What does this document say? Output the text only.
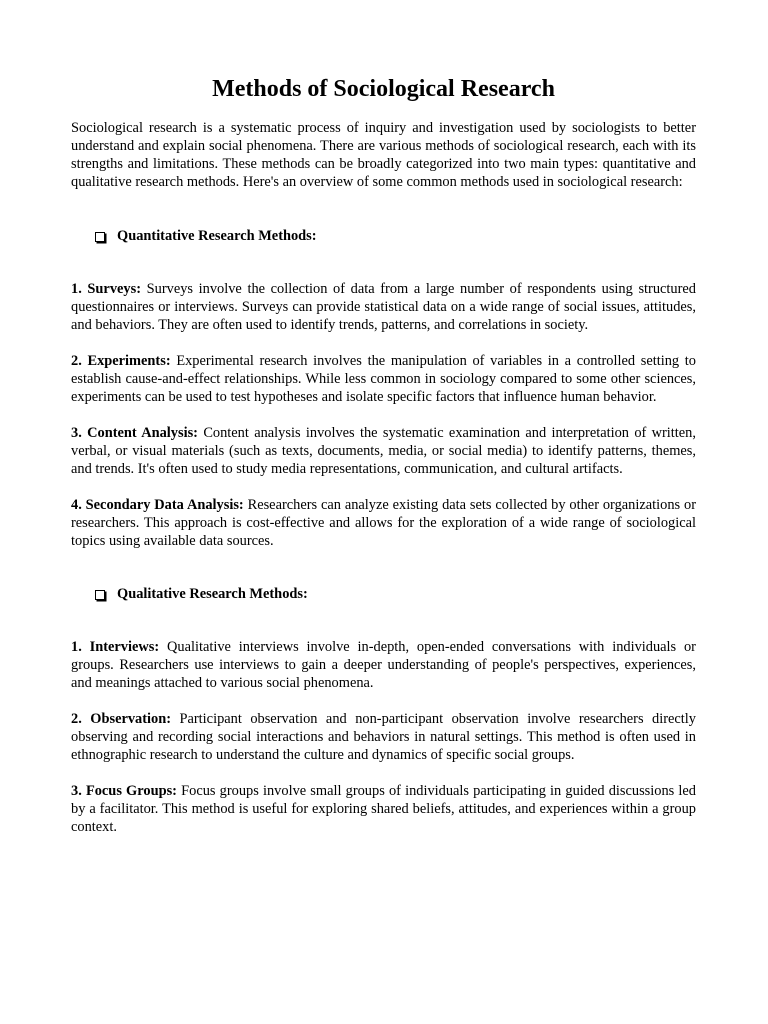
Methods of Sociological Research

Sociological research is a systematic process of inquiry and investigation used by sociologists to better understand and explain social phenomena. There are various methods of sociological research, each with its strengths and limitations. These methods can be broadly categorized into two main types: quantitative and qualitative research methods. Here's an overview of some common methods used in sociological research:

Quantitative Research Methods:

1. Surveys: Surveys involve the collection of data from a large number of respondents using structured questionnaires or interviews. Surveys can provide statistical data on a wide range of social issues, attitudes, and behaviors. They are often used to identify trends, patterns, and correlations in society.

2. Experiments: Experimental research involves the manipulation of variables in a controlled setting to establish cause-and-effect relationships. While less common in sociology compared to some other sciences, experiments can be used to test hypotheses and isolate specific factors that influence human behavior.

3. Content Analysis: Content analysis involves the systematic examination and interpretation of written, verbal, or visual materials (such as texts, documents, media, or social media) to identify patterns, themes, and trends. It's often used to study media representations, communication, and cultural artifacts.

4. Secondary Data Analysis: Researchers can analyze existing data sets collected by other organizations or researchers. This approach is cost-effective and allows for the exploration of a wide range of sociological topics using available data sources.

Qualitative Research Methods:

1. Interviews: Qualitative interviews involve in-depth, open-ended conversations with individuals or groups. Researchers use interviews to gain a deeper understanding of people's perspectives, experiences, and meanings attached to various social phenomena.

2. Observation: Participant observation and non-participant observation involve researchers directly observing and recording social interactions and behaviors in natural settings. This method is often used in ethnographic research to understand the culture and dynamics of specific social groups.

3. Focus Groups: Focus groups involve small groups of individuals participating in guided discussions led by a facilitator. This method is useful for exploring shared beliefs, attitudes, and experiences within a group context.
